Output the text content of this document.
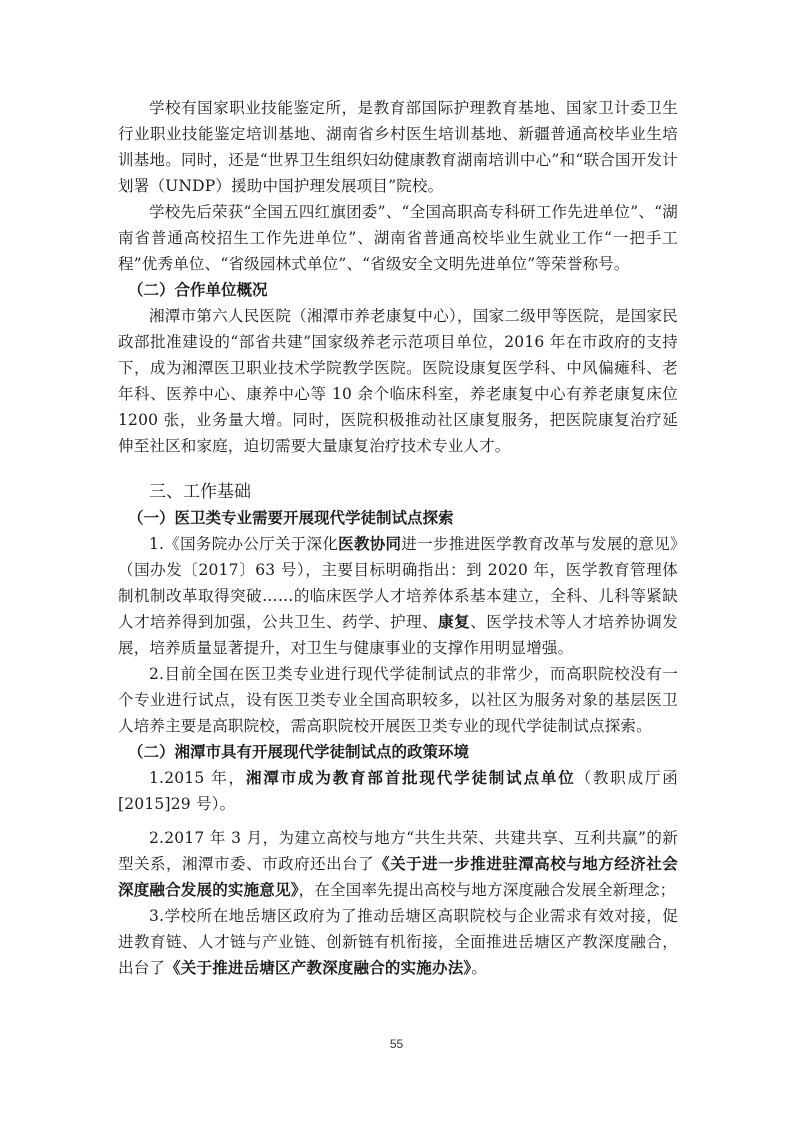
学校有国家职业技能鉴定所，是教育部国际护理教育基地、国家卫计委卫生行业职业技能鉴定培训基地、湖南省乡村医生培训基地、新疆普通高校毕业生培训基地。同时，还是“世界卫生组织妇幼健康教育湖南培训中心”和“联合国开发计划署（UNDP）援助中国护理发展项目”院校。

学校先后荣获“全国五四红旗团委”、“全国高职高专科研工作先进单位”、“湖南省普通高校招生工作先进单位”、湖南省普通高校毕业生就业工作“一把手工程”优秀单位、“省级园林式单位”、“省级安全文明先进单位”等荣誉称号。

（二）合作单位概况

湘潭市第六人民医院（湘潭市养老康复中心），国家二级甲等医院，是国家民政部批准建设的“部省共建”国家级养老示范项目单位，2016 年在市政府的支持下，成为湘潭医卫职业技术学院教学医院。医院设康复医学科、中风偏瘫科、老年科、医养中心、康养中心等 10 余个临床科室，养老康复中心有养老康复床位 1200 张，业务量大增。同时，医院积极推动社区康复服务，把医院康复治疗延伸至社区和家庭，迫切需要大量康复治疗技术专业人才。

三、工作基础

（一）医卫类专业需要开展现代学徒制试点探索

1.《国务院办公厅关于深化医教协同进一步推进医学教育改革与发展的意见》（国办发〔2017〕63 号），主要目标明确指出：到 2020 年，医学教育管理体制机制改革取得突破……的临床医学人才培养体系基本建立，全科、儿科等紧缺人才培养得到加强，公共卫生、药学、护理、康复、医学技术等人才培养协调发展，培养质量显著提升，对卫生与健康事业的支撑作用明显增强。

2.目前全国在医卫类专业进行现代学徒制试点的非常少，而高职院校没有一个专业进行试点，设有医卫类专业全国高职较多，以社区为服务对象的基层医卫人培养主要是高职院校，需高职院校开展医卫类专业的现代学徒制试点探索。

（二）湘潭市具有开展现代学徒制试点的政策环境

1.2015 年，湘潭市成为教育部首批现代学徒制试点单位（教职成厅函[2015]29 号）。

2.2017 年 3 月，为建立高校与地方“共生共荣、共建共享、互利共赢”的新型关系，湘潭市委、市政府还出台了《关于进一步推进驻潭高校与地方经济社会深度融合发展的实施意见》，在全国率先提出高校与地方深度融合发展全新理念；

3.学校所在地岳塘区政府为了推动岳塘区高职院校与企业需求有效对接，促进教育链、人才链与产业链、创新链有机衔接，全面推进岳塘区产教深度融合，出台了《关于推进岳塘区产教深度融合的实施办法》。

55
